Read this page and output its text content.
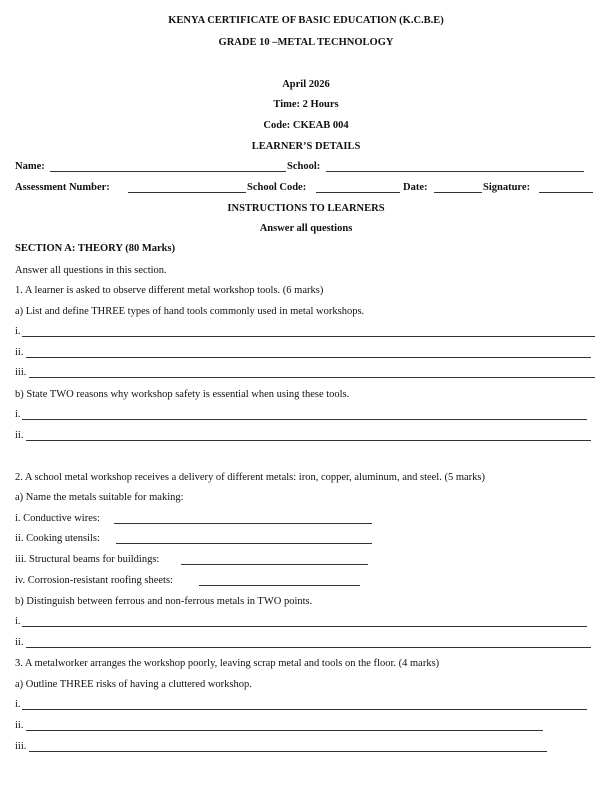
KENYA CERTIFICATE OF BASIC EDUCATION (K.C.B.E)
GRADE 10 –METAL TECHNOLOGY
April 2026
Time: 2 Hours
Code: CKEAB 004
LEARNER’S DETAILS
Name:	School:
Assessment Number:	School Code:	Date:	Signature:
INSTRUCTIONS TO LEARNERS
Answer all questions
SECTION A: THEORY (80 Marks)
Answer all questions in this section.
1. A learner is asked to observe different metal workshop tools. (6 marks)
a) List and define THREE types of hand tools commonly used in metal workshops.
i.
ii.
iii.
b) State TWO reasons why workshop safety is essential when using these tools.
i.
ii.
2. A school metal workshop receives a delivery of different metals: iron, copper, aluminum, and steel. (5 marks)
a) Name the metals suitable for making:
i. Conductive wires:
ii. Cooking utensils:
iii. Structural beams for buildings:
iv. Corrosion-resistant roofing sheets:
b) Distinguish between ferrous and non-ferrous metals in TWO points.
i.
ii.
3. A metalworker arranges the workshop poorly, leaving scrap metal and tools on the floor. (4 marks)
a) Outline THREE risks of having a cluttered workshop.
i.
ii.
iii.
